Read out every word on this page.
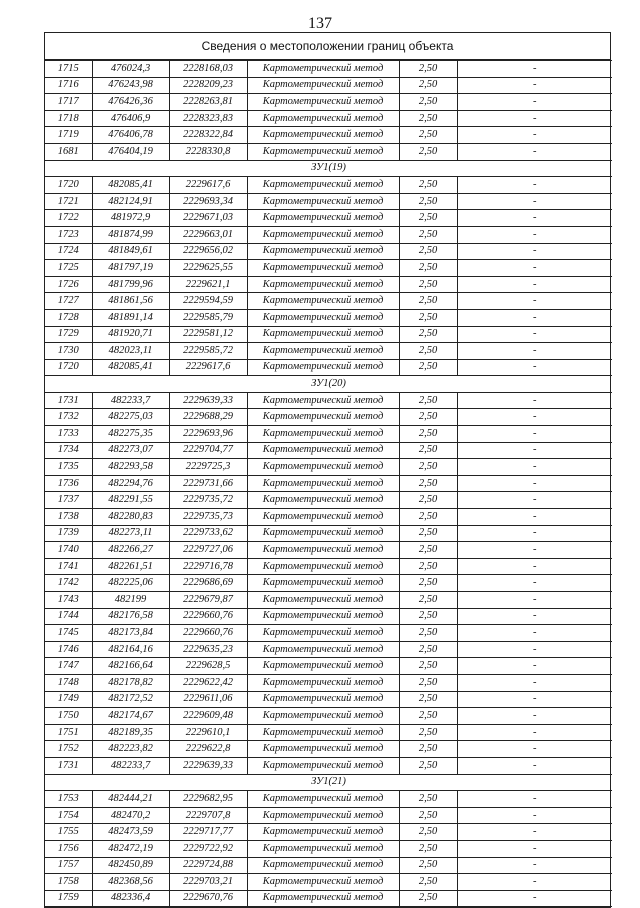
137
Сведения о местоположении границ объекта
1715	476024,3	2228168,03	Картометрический метод	2,50	-
1716	476243,98	2228209,23	Картометрический метод	2,50	-
1717	476426,36	2228263,81	Картометрический метод	2,50	-
1718	476406,9	2228323,83	Картометрический метод	2,50	-
1719	476406,78	2228322,84	Картометрический метод	2,50	-
1681	476404,19	2228330,8	Картометрический метод	2,50	-
ЗУ1(19)					
1720	482085,41	2229617,6	Картометрический метод	2,50	-
1721	482124,91	2229693,34	Картометрический метод	2,50	-
1722	481972,9	2229671,03	Картометрический метод	2,50	-
1723	481874,99	2229663,01	Картометрический метод	2,50	-
1724	481849,61	2229656,02	Картометрический метод	2,50	-
1725	481797,19	2229625,55	Картометрический метод	2,50	-
1726	481799,96	2229621,1	Картометрический метод	2,50	-
1727	481861,56	2229594,59	Картометрический метод	2,50	-
1728	481891,14	2229585,79	Картометрический метод	2,50	-
1729	481920,71	2229581,12	Картометрический метод	2,50	-
1730	482023,11	2229585,72	Картометрический метод	2,50	-
1720	482085,41	2229617,6	Картометрический метод	2,50	-
ЗУ1(20)					
1731	482233,7	2229639,33	Картометрический метод	2,50	-
1732	482275,03	2229688,29	Картометрический метод	2,50	-
1733	482275,35	2229693,96	Картометрический метод	2,50	-
1734	482273,07	2229704,77	Картометрический метод	2,50	-
1735	482293,58	2229725,3	Картометрический метод	2,50	-
1736	482294,76	2229731,66	Картометрический метод	2,50	-
1737	482291,55	2229735,72	Картометрический метод	2,50	-
1738	482280,83	2229735,73	Картометрический метод	2,50	-
1739	482273,11	2229733,62	Картометрический метод	2,50	-
1740	482266,27	2229727,06	Картометрический метод	2,50	-
1741	482261,51	2229716,78	Картометрический метод	2,50	-
1742	482225,06	2229686,69	Картометрический метод	2,50	-
1743	482199	2229679,87	Картометрический метод	2,50	-
1744	482176,58	2229660,76	Картометрический метод	2,50	-
1745	482173,84	2229660,76	Картометрический метод	2,50	-
1746	482164,16	2229635,23	Картометрический метод	2,50	-
1747	482166,64	2229628,5	Картометрический метод	2,50	-
1748	482178,82	2229622,42	Картометрический метод	2,50	-
1749	482172,52	2229611,06	Картометрический метод	2,50	-
1750	482174,67	2229609,48	Картометрический метод	2,50	-
1751	482189,35	2229610,1	Картометрический метод	2,50	-
1752	482223,82	2229622,8	Картометрический метод	2,50	-
1731	482233,7	2229639,33	Картометрический метод	2,50	-
ЗУ1(21)					
1753	482444,21	2229682,95	Картометрический метод	2,50	-
1754	482470,2	2229707,8	Картометрический метод	2,50	-
1755	482473,59	2229717,77	Картометрический метод	2,50	-
1756	482472,19	2229722,92	Картометрический метод	2,50	-
1757	482450,89	2229724,88	Картометрический метод	2,50	-
1758	482368,56	2229703,21	Картометрический метод	2,50	-
1759	482336,4	2229670,76	Картометрический метод	2,50	-
